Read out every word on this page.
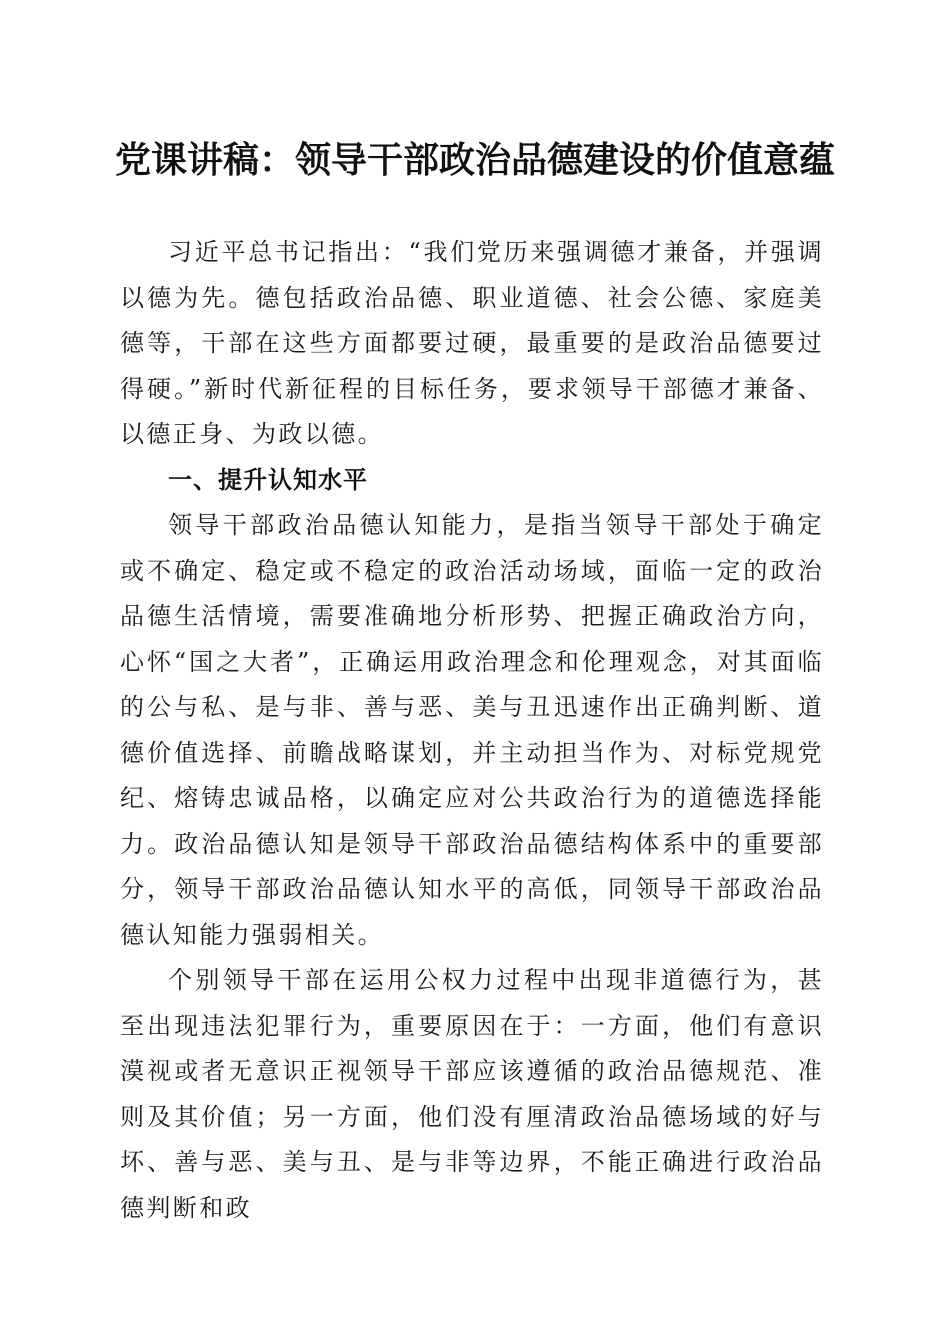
党课讲稿：领导干部政治品德建设的价值意蕴

习近平总书记指出：“我们党历来强调德才兼备，并强调以德为先。德包括政治品德、职业道德、社会公德、家庭美德等，干部在这些方面都要过硬，最重要的是政治品德要过得硬。”新时代新征程的目标任务，要求领导干部德才兼备、以德正身、为政以德。

一、提升认知水平

领导干部政治品德认知能力，是指当领导干部处于确定或不确定、稳定或不稳定的政治活动场域，面临一定的政治品德生活情境，需要准确地分析形势、把握正确政治方向，心怀“国之大者”，正确运用政治理念和伦理观念，对其面临的公与私、是与非、善与恶、美与丑迅速作出正确判断、道德价值选择、前瞻战略谋划，并主动担当作为、对标党规党纪、熔铸忠诚品格，以确定应对公共政治行为的道德选择能力。政治品德认知是领导干部政治品德结构体系中的重要部分，领导干部政治品德认知水平的高低，同领导干部政治品德认知能力强弱相关。

个别领导干部在运用公权力过程中出现非道德行为，甚至出现违法犯罪行为，重要原因在于：一方面，他们有意识漠视或者无意识正视领导干部应该遵循的政治品德规范、准则及其价值；另一方面，他们没有厘清政治品德场域的好与坏、善与恶、美与丑、是与非等边界，不能正确进行政治品德判断和政
